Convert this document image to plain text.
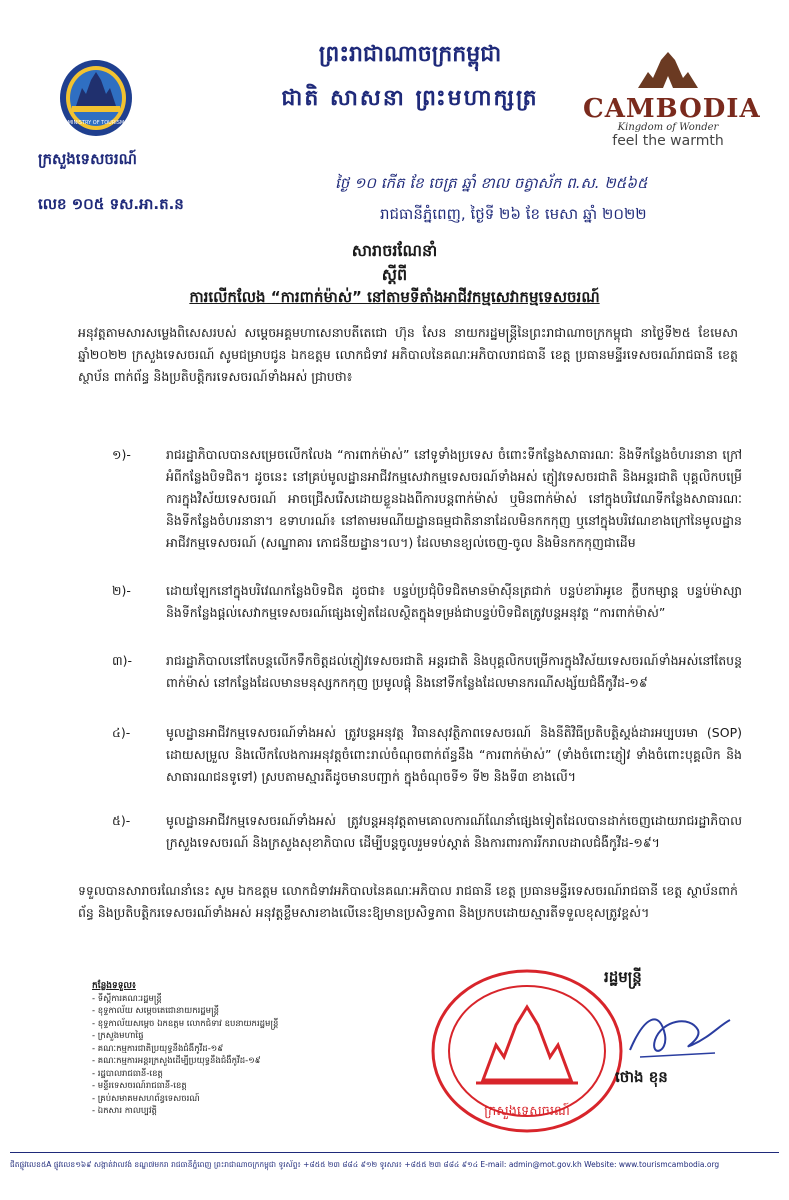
ព្រះរាជាណាចក្រកម្ពុជា
ជាតិ សាសនា ព្រះមហាក្សត្រ
MINISTRY OF TOURISM
ក្រសួងទេសចរណ៍
លេខ ១០៥ ទស.អា.ត.ន
CAMBODIA
Kingdom of Wonder
feel the warmth
ថ្ងៃ ១០ កើត ខែ ចេត្រ ឆ្នាំ ខាល ចត្វាស័ក ព.ស. ២៥៦៥
រាជធានីភ្នំពេញ, ថ្ងៃទី ២៦ ខែ មេសា ឆ្នាំ ២០២២
សារាចរណែនាំ
ស្តីពី
ការលើកលែង “ការពាក់ម៉ាស់” នៅតាមទីតាំងអាជីវកម្មសេវាកម្មទេសចរណ៍
អនុវត្តតាមសារសម្លេងពិសេសរបស់ សម្តេចអគ្គមហាសេនាបតីតេជោ ហ៊ុន សែន នាយករដ្ឋមន្ត្រីនៃព្រះរាជាណាចក្រកម្ពុជា នាថ្ងៃទី២៥ ខែមេសា ឆ្នាំ២០២២ ក្រសួងទេសចរណ៍ សូមជម្រាបជូន ឯកឧត្តម លោកជំទាវ អភិបាលនៃគណៈអភិបាលរាជធានី ខេត្ត ប្រធានមន្ទីរទេសចរណ៍រាជធានី ខេត្ត ស្ថាប័ន ពាក់ព័ន្ធ និងប្រតិបត្តិករទេសចរណ៍ទាំងអស់ ជ្រាបថា៖
១)-	រាជរដ្ឋាភិបាលបានសម្រេចលើកលែង “ការពាក់ម៉ាស់” នៅទូទាំងប្រទេស ចំពោះទីកន្លែងសាធារណៈ និងទីកន្លែងចំហរនានា ក្រៅអំពីកន្លែងបិទជិត។ ដូចនេះ នៅគ្រប់មូលដ្ឋានអាជីវកម្មសេវាកម្មទេសចរណ៍ទាំងអស់ ភ្ញៀវទេសចរជាតិ និងអន្តរជាតិ បុគ្គលិកបម្រើការក្នុងវិស័យទេសចរណ៍ អាចជ្រើសរើសដោយខ្លួនឯងពីការបន្តពាក់ម៉ាស់ ឬមិនពាក់ម៉ាស់ នៅក្នុងបរិវេណទីកន្លែងសាធារណៈ និងទីកន្លែងចំហរនានា។ ឧទាហរណ៍៖ នៅតាមរមណីយដ្ឋានធម្មជាតិនានាដែលមិនកកកុញ ឬនៅក្នុងបរិវេណខាងក្រៅនៃមូលដ្ឋានអាជីវកម្មទេសចរណ៍ (សណ្ឋាគារ ភោជនីយដ្ឋាន។ល។) ដែលមានខ្យល់ចេញ-ចូល និងមិនកកកុញជាដើម
២)-	ដោយឡែកនៅក្នុងបរិវេណកន្លែងបិទជិត ដូចជា៖ បន្ទប់ប្រជុំបិទជិតមានម៉ាស៊ីនត្រជាក់ បន្ទប់ខារ៉ាអូខេ ក្លឹបកម្សាន្ត បន្ទប់ម៉ាស្សា និងទីកន្លែងផ្តល់សេវាកម្មទេសចរណ៍ផ្សេងទៀតដែលស្ថិតក្នុងទម្រង់ជាបន្ទប់បិទជិតត្រូវបន្តអនុវត្ត “ការពាក់ម៉ាស់”
៣)-	រាជរដ្ឋាភិបាលនៅតែបន្តលើកទឹកចិត្តដល់ភ្ញៀវទេសចរជាតិ អន្តរជាតិ និងបុគ្គលិកបម្រើការក្នុងវិស័យទេសចរណ៍ទាំងអស់នៅតែបន្តពាក់ម៉ាស់ នៅកន្លែងដែលមានមនុស្សកកកុញ ប្រមូលផ្តុំ និងនៅទីកន្លែងដែលមានករណីសង្ស័យជំងឺកូវីដ-១៩
៤)-	មូលដ្ឋានអាជីវកម្មទេសចរណ៍ទាំងអស់ ត្រូវបន្តអនុវត្ត វិធានសុវត្ថិភាពទេសចរណ៍ និងនីតិវិធីប្រតិបត្តិស្តង់ដារអប្បបរមា (SOP) ដោយសម្រួល និងលើកលែងការអនុវត្តចំពោះរាល់ចំណុចពាក់ព័ន្ធនឹង “ការពាក់ម៉ាស់” (ទាំងចំពោះភ្ញៀវ ទាំងចំពោះបុគ្គលិក និងសាធារណជនទូទៅ) ស្របតាមស្មារតីដូចមានបញ្ជាក់ ក្នុងចំណុចទី១ ទី២ និងទី៣ ខាងលើ។
៥)-	មូលដ្ឋានអាជីវកម្មទេសចរណ៍ទាំងអស់ ត្រូវបន្តអនុវត្តតាមគោលការណ៍ណែនាំផ្សេងទៀតដែលបានដាក់ចេញដោយរាជរដ្ឋាភិបាល ក្រសួងទេសចរណ៍ និងក្រសួងសុខាភិបាល ដើម្បីបន្តចូលរួមទប់ស្កាត់ និងការពារការរីករាលដាលជំងឺកូវីដ-១៩។
ទទួលបានសារាចរណែនាំនេះ សូម ឯកឧត្តម លោកជំទាវអភិបាលនៃគណៈអភិបាល រាជធានី ខេត្ត ប្រធានមន្ទីរទេសចរណ៍រាជធានី ខេត្ត ស្ថាប័នពាក់ព័ន្ធ និងប្រតិបត្តិករទេសចរណ៍ទាំងអស់ អនុវត្តខ្លឹមសារខាងលើនេះឱ្យមានប្រសិទ្ធភាព និងប្រកបដោយស្មារតីទទួលខុសត្រូវខ្ពស់។
កន្លែងទទួល៖
- ទីស្តីការគណៈរដ្ឋមន្ត្រី
- ខុទ្ទកាល័យ សម្តេចតេជោនាយករដ្ឋមន្ត្រី
- ខុទ្ទកាល័យសម្តេច ឯកឧត្តម លោកជំទាវ ឧបនាយករដ្ឋមន្ត្រី
- ក្រសួងមហាផ្ទៃ
- គណៈកម្មការជាតិប្រយុទ្ធនឹងជំងឺកូវីដ-១៩
- គណៈកម្មការអន្តរក្រសួងដើម្បីប្រយុទ្ធនឹងជំងឺកូវីដ-១៩
- រដ្ឋបាលរាជធានី-ខេត្ត
- មន្ទីរទេសចរណ៍រាជធានី-ខេត្ត
- គ្រប់សមាគមសហព័ន្ធទេសចរណ៍
- ឯកសារ កាលប្បវត្តិ	ក្រសួងទេសចរណ៍
រដ្ឋមន្ត្រី
ថោង ខុន
ជិតផ្លូវលេខ៥A ផ្លូវលេខ១៦៩ សង្កាត់វាលវង់ ខណ្ឌ៧មករា រាជធានីភ្នំពេញ ព្រះរាជាណាចក្រកម្ពុជា ទូរស័ព្ទ៖ +៨៥៥ ២៣ ៨៨៤ ៩១២ ទូរសារ៖ +៨៥៥ ២៣ ៨៨៤ ៩១៤ E-mail: admin@mot.gov.kh Website: www.tourismcambodia.org
